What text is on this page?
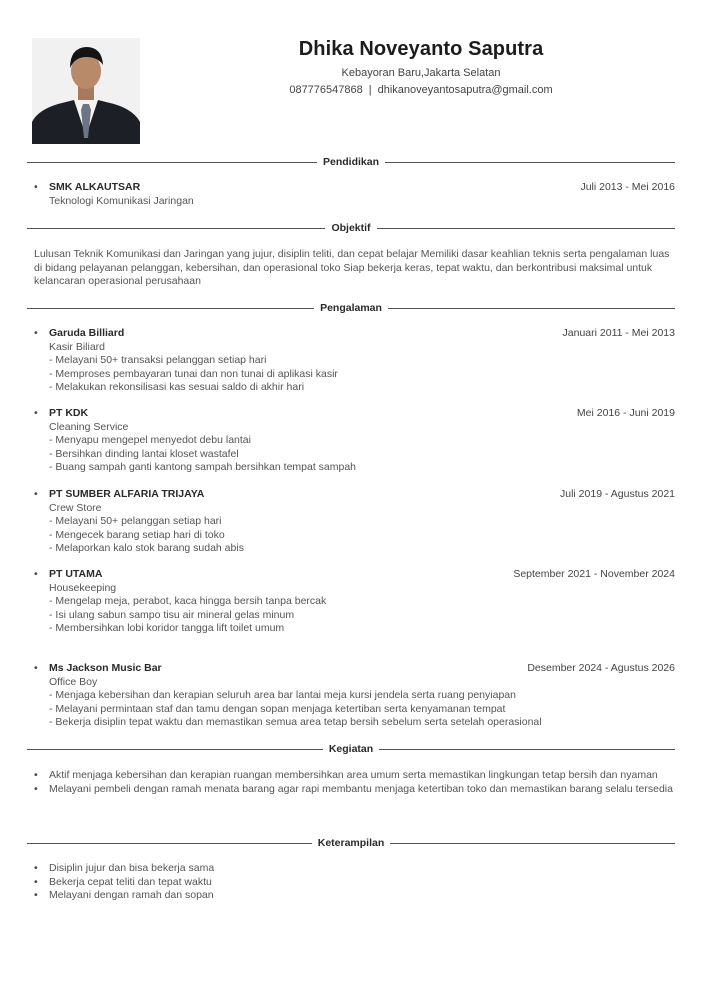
Dhika Noveyanto Saputra
Kebayoran Baru,Jakarta Selatan
087776547868 | dhikanoveyantosaputra@gmail.com
Pendidikan
• SMK ALKAUTSAR	Juli 2013 - Mei 2016
Teknologi Komunikasi Jaringan
Objektif
Lulusan Teknik Komunikasi dan Jaringan yang jujur, disiplin teliti, dan cepat belajar Memiliki dasar keahlian teknis serta pengalaman luas di bidang pelayanan pelanggan, kebersihan, dan operasional toko Siap bekerja keras, tepat waktu, dan berkontribusi maksimal untuk kelancaran operasional perusahaan
Pengalaman
• Garuda Billiard	Januari 2011 - Mei 2013
Kasir Biliard
- Melayani 50+ transaksi pelanggan setiap hari
- Memproses pembayaran tunai dan non tunai di aplikasi kasir
- Melakukan rekonsilisasi kas sesuai saldo di akhir hari
• PT KDK	Mei 2016 - Juni 2019
Cleaning Service
- Menyapu mengepel menyedot debu lantai
- Bersihkan dinding lantai kloset wastafel
- Buang sampah ganti kantong sampah bersihkan tempat sampah
• PT SUMBER ALFARIA TRIJAYA	Juli 2019 - Agustus 2021
Crew Store
- Melayani 50+ pelanggan setiap hari
- Mengecek barang setiap hari di toko
- Melaporkan kalo stok barang sudah abis
• PT UTAMA	September 2021 - November 2024
Housekeeping
- Mengelap meja, perabot, kaca hingga bersih tanpa bercak
- Isi ulang sabun sampo tisu air mineral gelas minum
- Membersihkan lobi koridor tangga lift toilet umum
• Ms Jackson Music Bar	Desember 2024 - Agustus 2026
Office Boy
- Menjaga kebersihan dan kerapian seluruh area bar lantai meja kursi jendela serta ruang penyiapan
- Melayani permintaan staf dan tamu dengan sopan menjaga ketertiban serta kenyamanan tempat
- Bekerja disiplin tepat waktu dan memastikan semua area tetap bersih sebelum serta setelah operasional
Kegiatan
• Aktif menjaga kebersihan dan kerapian ruangan membersihkan area umum serta memastikan lingkungan tetap bersih dan nyaman
• Melayani pembeli dengan ramah menata barang agar rapi membantu menjaga ketertiban toko dan memastikan barang selalu tersedia
Keterampilan
• Disiplin jujur dan bisa bekerja sama
• Bekerja cepat teliti dan tepat waktu
• Melayani dengan ramah dan sopan
